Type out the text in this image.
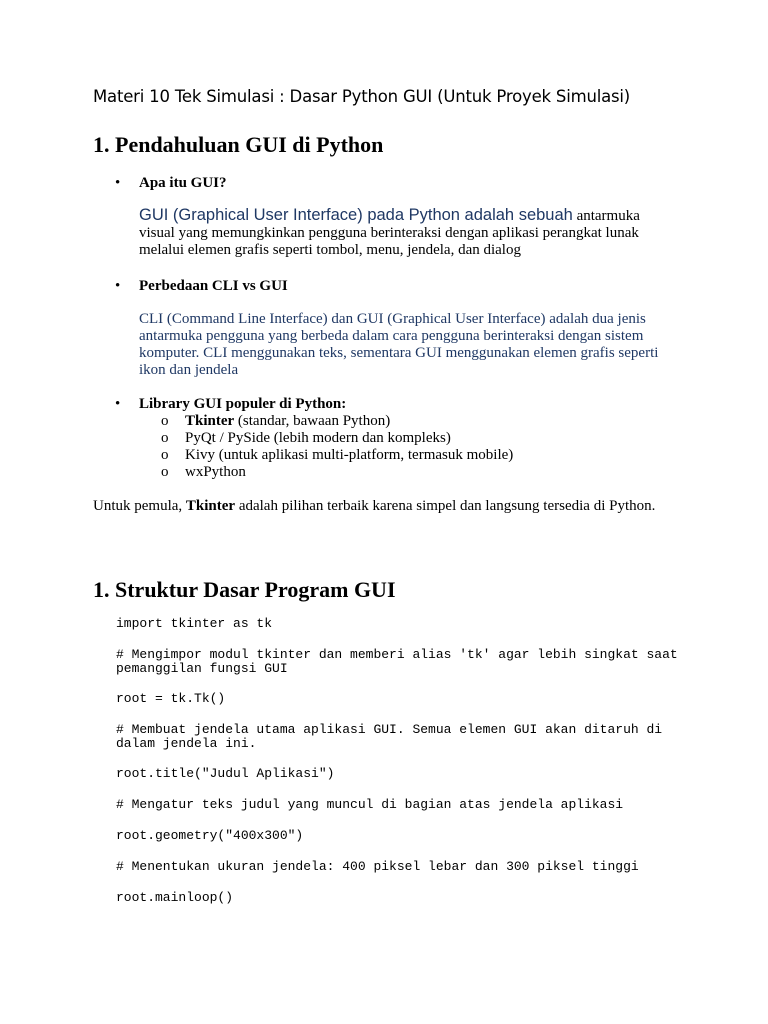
Materi 10 Tek Simulasi : Dasar Python GUI (Untuk Proyek Simulasi)
1. Pendahuluan GUI di Python
• Apa itu GUI?

GUI (Graphical User Interface) pada Python adalah sebuah antarmuka
visual yang memungkinkan pengguna berinteraksi dengan aplikasi perangkat lunak
melalui elemen grafis seperti tombol, menu, jendela, dan dialog

• Perbedaan CLI vs GUI

CLI (Command Line Interface) dan GUI (Graphical User Interface) adalah dua jenis
antarmuka pengguna yang berbeda dalam cara pengguna berinteraksi dengan sistem
komputer. CLI menggunakan teks, sementara GUI menggunakan elemen grafis seperti
ikon dan jendela

• Library GUI populer di Python:
o Tkinter (standar, bawaan Python)
o PyQt / PySide (lebih modern dan kompleks)
o Kivy (untuk aplikasi multi-platform, termasuk mobile)
o wxPython

Untuk pemula, Tkinter adalah pilihan terbaik karena simpel dan langsung tersedia di Python.

1. Struktur Dasar Program GUI
import tkinter as tk
# Mengimpor modul tkinter dan memberi alias 'tk' agar lebih singkat saat pemanggilan fungsi GUI
root = tk.Tk()
# Membuat jendela utama aplikasi GUI. Semua elemen GUI akan ditaruh di dalam jendela ini.
root.title("Judul Aplikasi")
# Mengatur teks judul yang muncul di bagian atas jendela aplikasi
root.geometry("400x300")
# Menentukan ukuran jendela: 400 piksel lebar dan 300 piksel tinggi
root.mainloop()
